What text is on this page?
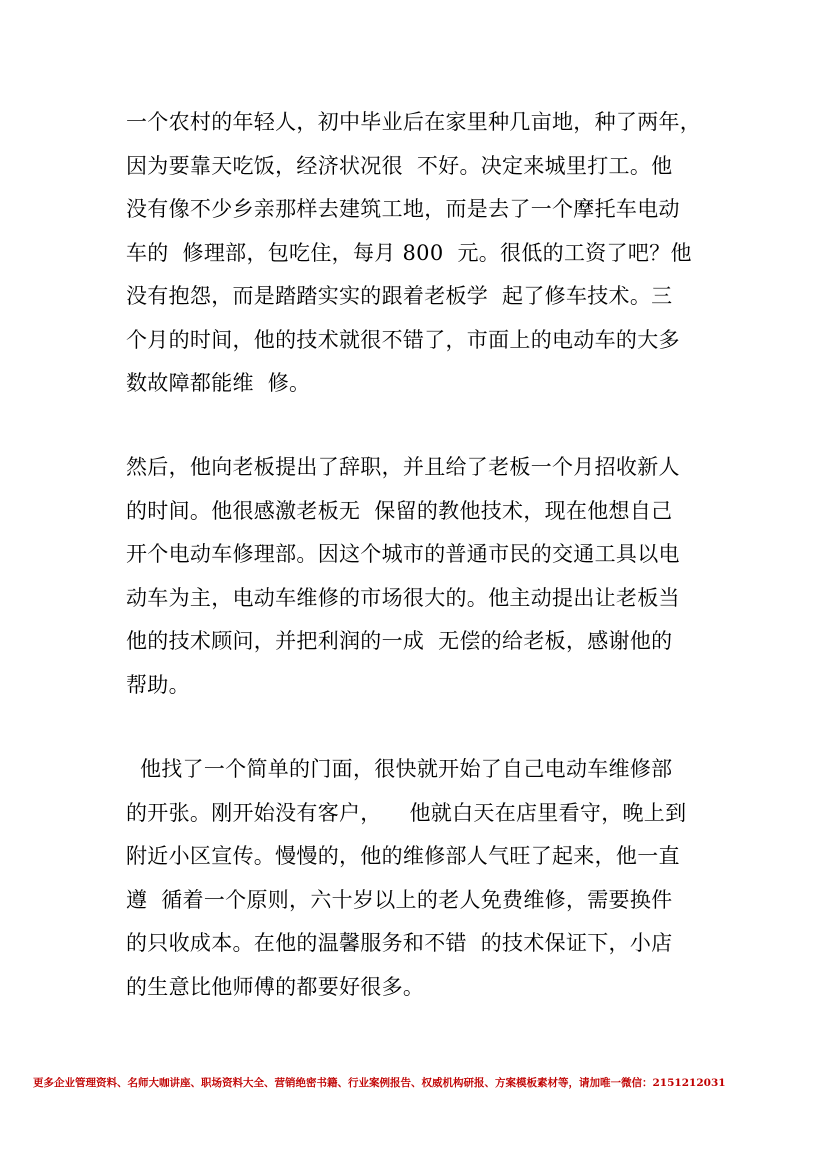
一个农村的年轻人，初中毕业后在家里种几亩地，种了两年，
因为要靠天吃饭，经济状况很  不好。决定来城里打工。他
没有像不少乡亲那样去建筑工地，而是去了一个摩托车电动
车的  修理部，包吃住，每月 800  元。很低的工资了吧？他
没有抱怨，而是踏踏实实的跟着老板学  起了修车技术。三
个月的时间，他的技术就很不错了，市面上的电动车的大多
数故障都能维  修。
然后，他向老板提出了辞职，并且给了老板一个月招收新人
的时间。他很感激老板无  保留的教他技术，现在他想自己
开个电动车修理部。因这个城市的普通市民的交通工具以电
动车为主，电动车维修的市场很大的。他主动提出让老板当
他的技术顾问，并把利润的一成  无偿的给老板，感谢他的
帮助。
他找了一个简单的门面，很快就开始了自己电动车维修部
的开张。刚开始没有客户，    他就白天在店里看守，晚上到
附近小区宣传。慢慢的，他的维修部人气旺了起来，他一直
遵  循着一个原则，六十岁以上的老人免费维修，需要换件
的只收成本。在他的温馨服务和不错  的技术保证下，小店
的生意比他师傅的都要好很多。
更多企业管理资料、名师大咖讲座、职场资料大全、营销绝密书籍、行业案例报告、权威机构研报、方案模板素材等，请加唯一微信：2151212031
